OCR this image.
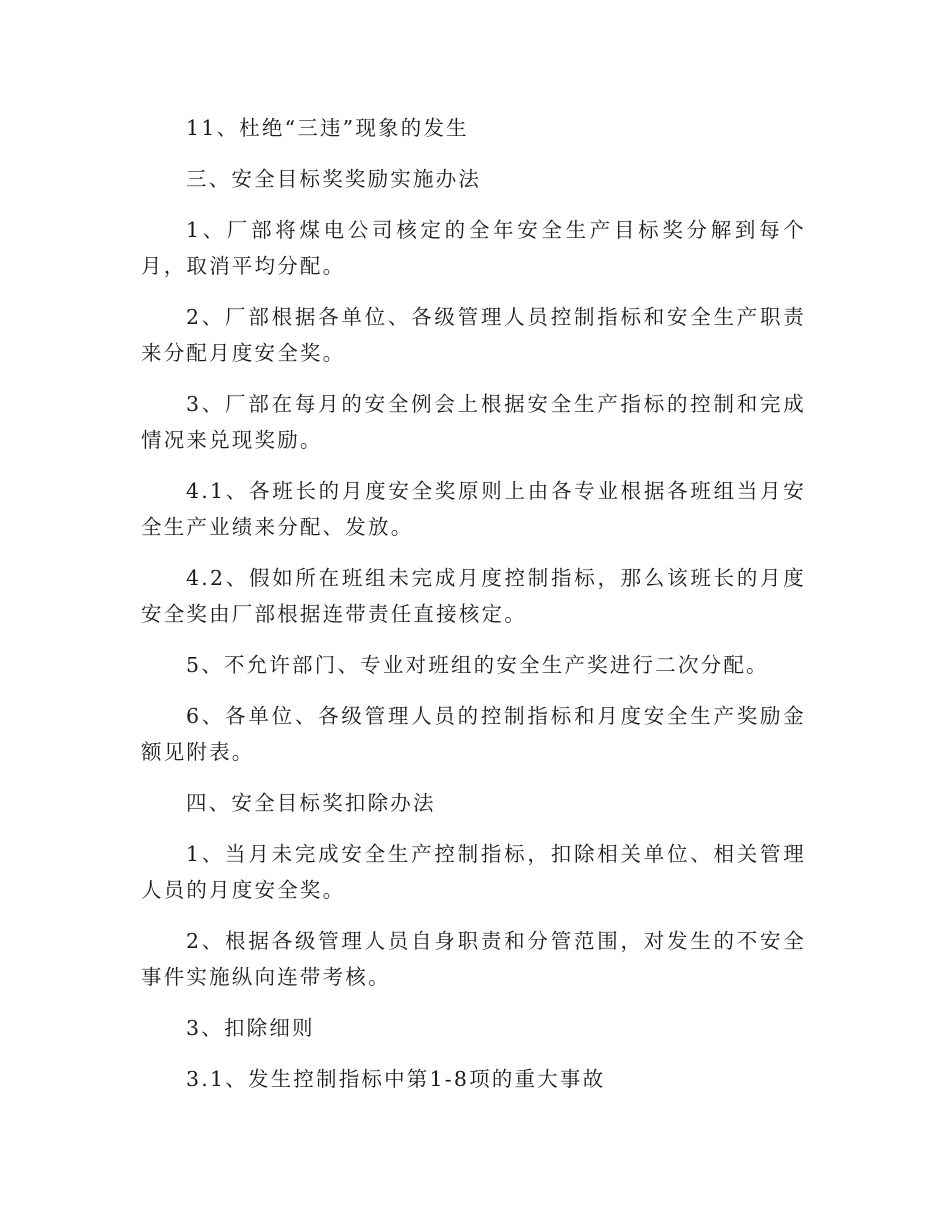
11、杜绝“三违”现象的发生

三、安全目标奖奖励实施办法

1、厂部将煤电公司核定的全年安全生产目标奖分解到每个月，取消平均分配。

2、厂部根据各单位、各级管理人员控制指标和安全生产职责来分配月度安全奖。

3、厂部在每月的安全例会上根据安全生产指标的控制和完成情况来兑现奖励。

4.1、各班长的月度安全奖原则上由各专业根据各班组当月安全生产业绩来分配、发放。

4.2、假如所在班组未完成月度控制指标，那么该班长的月度安全奖由厂部根据连带责任直接核定。

5、不允许部门、专业对班组的安全生产奖进行二次分配。

6、各单位、各级管理人员的控制指标和月度安全生产奖励金额见附表。

四、安全目标奖扣除办法

1、当月未完成安全生产控制指标，扣除相关单位、相关管理人员的月度安全奖。

2、根据各级管理人员自身职责和分管范围，对发生的不安全事件实施纵向连带考核。

3、扣除细则

3.1、发生控制指标中第1-8项的重大事故
